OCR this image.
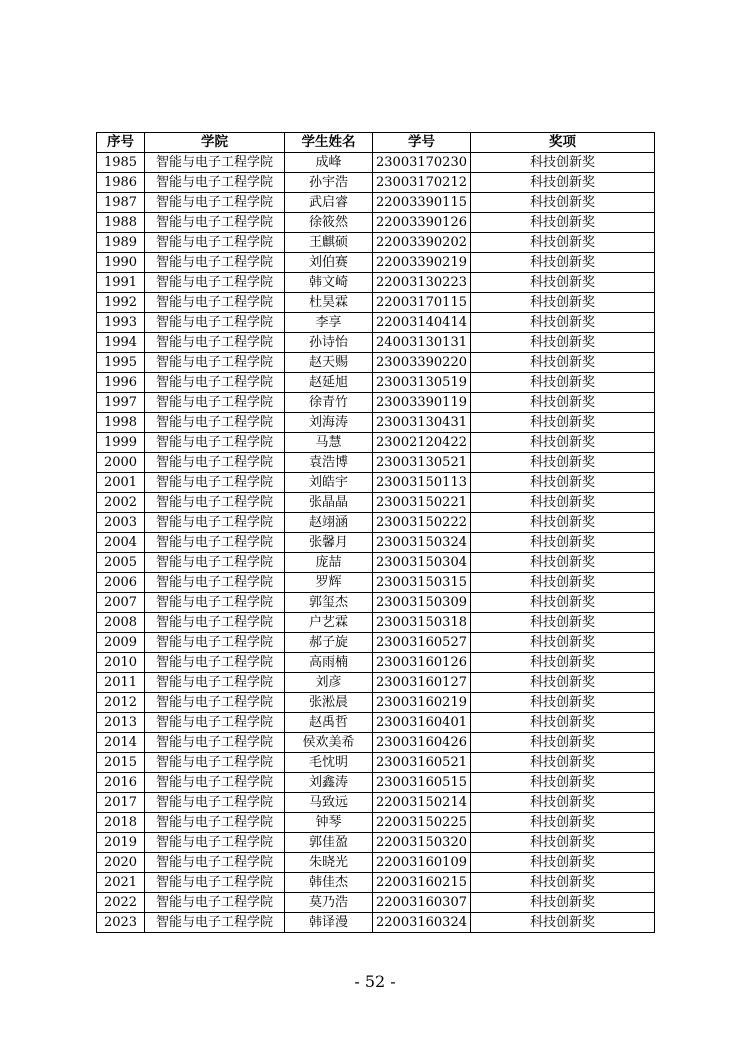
序号	学院	学生姓名	学号	奖项
1985	智能与电子工程学院	成峰	23003170230	科技创新奖
1986	智能与电子工程学院	孙宇浩	23003170212	科技创新奖
1987	智能与电子工程学院	武启睿	22003390115	科技创新奖
1988	智能与电子工程学院	徐筱然	22003390126	科技创新奖
1989	智能与电子工程学院	王麒硕	22003390202	科技创新奖
1990	智能与电子工程学院	刘伯赛	22003390219	科技创新奖
1991	智能与电子工程学院	韩文崎	22003130223	科技创新奖
1992	智能与电子工程学院	杜昊霖	22003170115	科技创新奖
1993	智能与电子工程学院	李享	22003140414	科技创新奖
1994	智能与电子工程学院	孙诗怡	24003130131	科技创新奖
1995	智能与电子工程学院	赵天赐	23003390220	科技创新奖
1996	智能与电子工程学院	赵延旭	23003130519	科技创新奖
1997	智能与电子工程学院	徐青竹	23003390119	科技创新奖
1998	智能与电子工程学院	刘海涛	23003130431	科技创新奖
1999	智能与电子工程学院	马慧	23002120422	科技创新奖
2000	智能与电子工程学院	袁浩博	23003130521	科技创新奖
2001	智能与电子工程学院	刘皓宇	23003150113	科技创新奖
2002	智能与电子工程学院	张晶晶	23003150221	科技创新奖
2003	智能与电子工程学院	赵翊涵	23003150222	科技创新奖
2004	智能与电子工程学院	张馨月	23003150324	科技创新奖
2005	智能与电子工程学院	庞喆	23003150304	科技创新奖
2006	智能与电子工程学院	罗辉	23003150315	科技创新奖
2007	智能与电子工程学院	郭玺杰	23003150309	科技创新奖
2008	智能与电子工程学院	户艺霖	23003150318	科技创新奖
2009	智能与电子工程学院	郝子旋	23003160527	科技创新奖
2010	智能与电子工程学院	高雨楠	23003160126	科技创新奖
2011	智能与电子工程学院	刘彦	23003160127	科技创新奖
2012	智能与电子工程学院	张淞晨	23003160219	科技创新奖
2013	智能与电子工程学院	赵禹哲	23003160401	科技创新奖
2014	智能与电子工程学院	侯欢美希	23003160426	科技创新奖
2015	智能与电子工程学院	毛忱明	23003160521	科技创新奖
2016	智能与电子工程学院	刘鑫涛	23003160515	科技创新奖
2017	智能与电子工程学院	马致远	22003150214	科技创新奖
2018	智能与电子工程学院	钟琴	22003150225	科技创新奖
2019	智能与电子工程学院	郭佳盈	22003150320	科技创新奖
2020	智能与电子工程学院	朱晓光	22003160109	科技创新奖
2021	智能与电子工程学院	韩佳杰	22003160215	科技创新奖
2022	智能与电子工程学院	莫乃浩	22003160307	科技创新奖
2023	智能与电子工程学院	韩译漫	22003160324	科技创新奖
- 52 -
